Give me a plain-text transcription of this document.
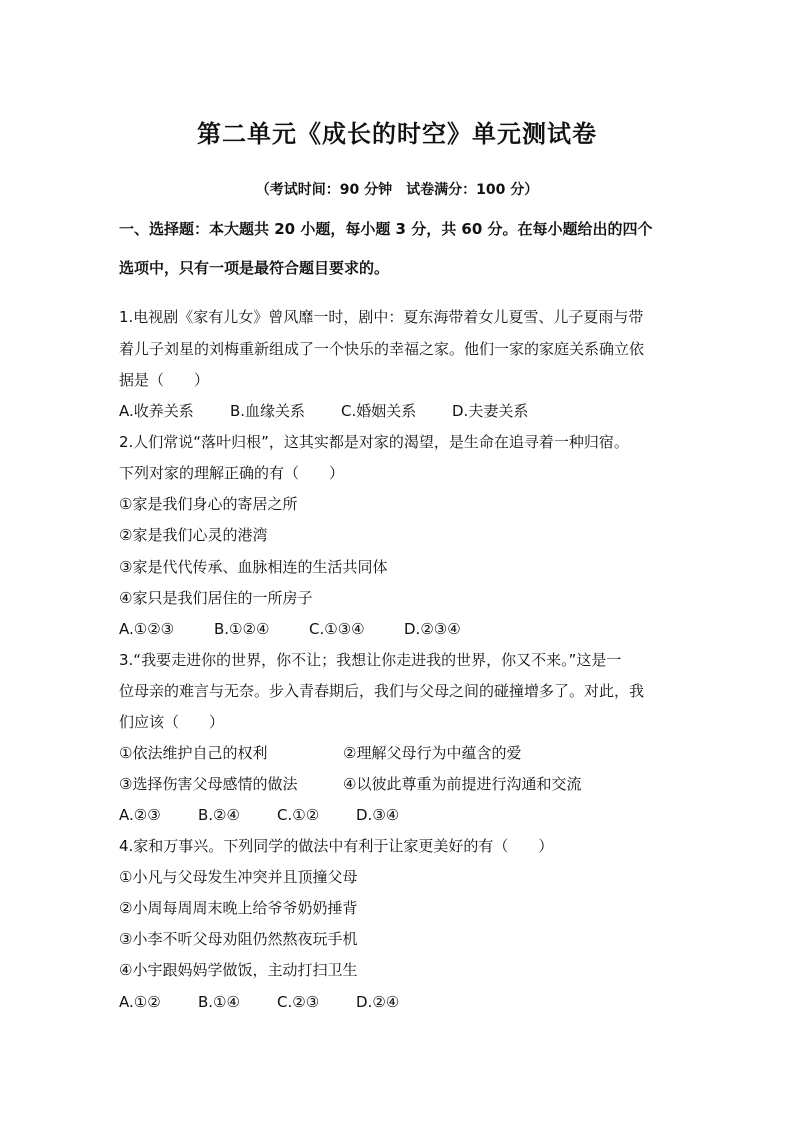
第二单元《成长的时空》单元测试卷
（考试时间：90 分钟　试卷满分：100 分）
一、选择题：本大题共 20 小题，每小题 3 分，共 60 分。在每小题给出的四个
选项中，只有一项是最符合题目要求的。
1.电视剧《家有儿女》曾风靡一时，剧中：夏东海带着女儿夏雪、儿子夏雨与带
着儿子刘星的刘梅重新组成了一个快乐的幸福之家。他们一家的家庭关系确立依
据是（　　）
A.收养关系 B.血缘关系 C.婚姻关系 D.夫妻关系
2.人们常说“落叶归根”，这其实都是对家的渴望，是生命在追寻着一种归宿。
下列对家的理解正确的有（　　）
①家是我们身心的寄居之所
②家是我们心灵的港湾
③家是代代传承、血脉相连的生活共同体
④家只是我们居住的一所房子
A.①②③	B.①②④	C.①③④	D.②③④
3.“我要走进你的世界，你不让；我想让你走进我的世界，你又不来。”这是一
位母亲的难言与无奈。步入青春期后，我们与父母之间的碰撞增多了。对此，我
们应该（　　）
①依法维护自己的权利	②理解父母行为中蕴含的爱
③选择伤害父母感情的做法	④以彼此尊重为前提进行沟通和交流
A.②③ B.②④ C.①② D.③④
4.家和万事兴。下列同学的做法中有利于让家更美好的有（　　）
①小凡与父母发生冲突并且顶撞父母
②小周每周周末晚上给爷爷奶奶捶背
③小李不听父母劝阻仍然熬夜玩手机
④小宇跟妈妈学做饭，主动打扫卫生
A.①② B.①④ C.②③ D.②④
